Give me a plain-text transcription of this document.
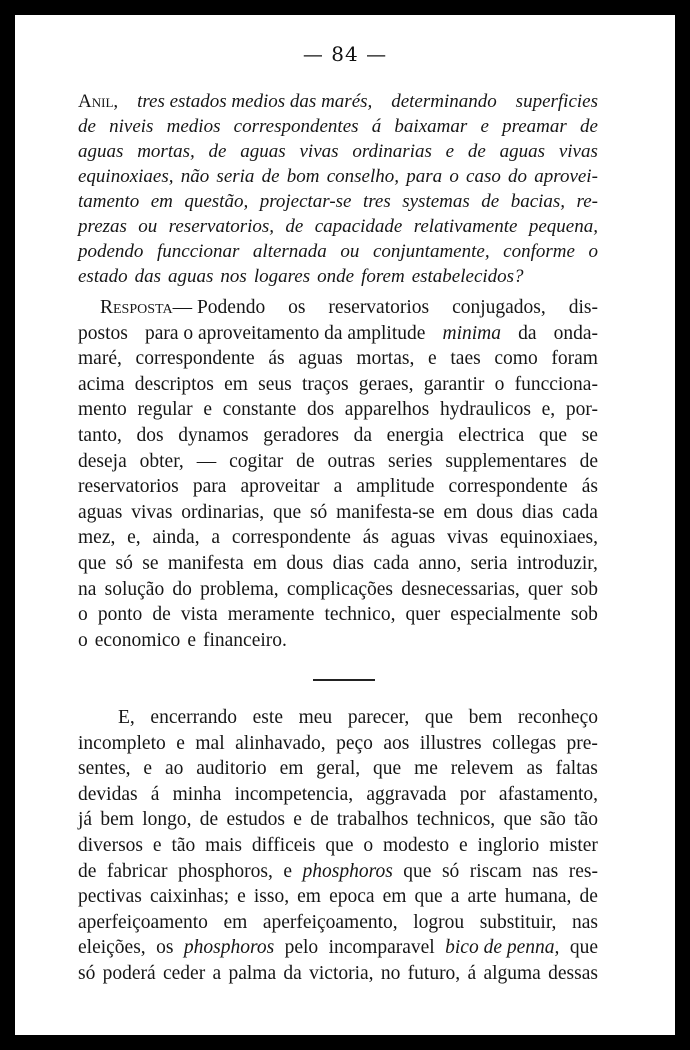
— 84 —
Anil, tres estados medios das marés, determinando superficies
de niveis medios correspondentes á baixamar e preamar de
aguas mortas, de aguas vivas ordinarias e de aguas vivas
equinoxiaes, não seria de bom conselho, para o caso do aprovei-
tamento em questão, projectar-se tres systemas de bacias, re-
prezas ou reservatorios, de capacidade relativamente pequena,
podendo funccionar alternada ou conjuntamente, conforme o
estado das aguas nos logares onde forem estabelecidos?
Resposta— Podendo os reservatorios conjugados, dis-
postos para o aproveitamento da amplitude minima da onda-
maré, correspondente ás aguas mortas, e taes como foram
acima descriptos em seus traços geraes, garantir o funcciona-
mento regular e constante dos apparelhos hydraulicos e, por-
tanto, dos dynamos geradores da energia electrica que se
deseja obter, — cogitar de outras series supplementares de
reservatorios para aproveitar a amplitude correspondente ás
aguas vivas ordinarias, que só manifesta-se em dous dias cada
mez, e, ainda, a correspondente ás aguas vivas equinoxiaes,
que só se manifesta em dous dias cada anno, seria introduzir,
na solução do problema, complicações desnecessarias, quer sob
o ponto de vista meramente technico, quer especialmente sob
o economico e financeiro.
E, encerrando este meu parecer, que bem reconheço
incompleto e mal alinhavado, peço aos illustres collegas pre-
sentes, e ao auditorio em geral, que me relevem as faltas
devidas á minha incompetencia, aggravada por afastamento,
já bem longo, de estudos e de trabalhos technicos, que são tão
diversos e tão mais difficeis que o modesto e inglorio mister
de fabricar phosphoros, e phosphoros que só riscam nas res-
pectivas caixinhas; e isso, em epoca em que a arte humana, de
aperfeiçoamento em aperfeiçoamento, logrou substituir, nas
eleições, os phosphoros pelo incomparavel bico de penna, que
só poderá ceder a palma da victoria, no futuro, á alguma dessas
